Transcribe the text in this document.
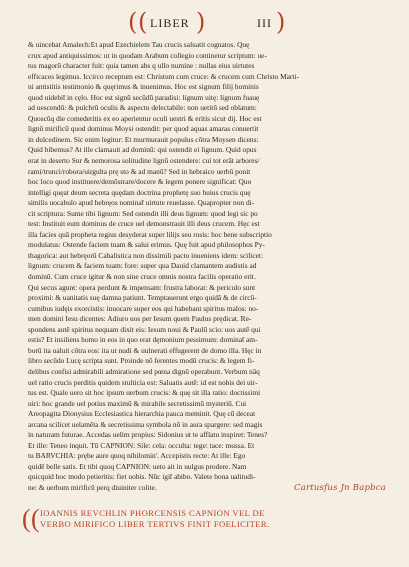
( ( LIBER )	III )

& uincebat Amalech:Et apud Ezechielem Tau crucis saluatit cognatos. Quę

crux apud antiquissimos: ut in quodam Arabum collegio continetur scriptum: ue-

tus magorū character fuit: quia tamen abs q ullo numine : nullas eius uirtutes

efficaces legimus. Iccirco receptum est: Christum cum cruce: & crucem cum Christo Marti-

ni antistitis testimonio & quęrimus & inuenimus. Hoc est signum filij hominis

quod uidebit̄ in cęlo. Hoc est signū secūdū paradisi: lignum uitę: lignum fuauę

ad uescendū: & pulchrū oculis & aspectu delectabile: non uetitū sed oblatum:

Quoscūq die comederitis ex eo aperientur oculi uestri & eritis sicut dij. Hoc est

lignū mirificū quod dominus Moysi ostendit: per quod aquas amaras conuertit

in dulcedinem. Sic enim legitur: Et murmurauit populus cōtra Moysen dicens:

Quid bibemus? At ille clamauit ad dominū: qui ostendit ei lignum. Quid opus

erat in deserto Sur & nemorosa solitudine lignū ostendere: cui tot erāt arbores/

rami/trunci/robora/uirgulta prę sto & ad manū? Sed in hebraico uerbū ponit

hoc loco quod instituere/demōstrare/docere & legem ponere significat: Quo

intelligi quęat deum secreta quędam doctrina prophetę suo huius crucis quę

similis uocabulo apud hebręos nominat̄ uirtute reuelasse. Quapropter non di-

cit scriptura: Sume tibi lignum: Sed ostendit illi deus lignum: quod legi sic po

test: Instituit eum dominus de cruce uel demonstrauit illi deus crucem. Hęc est

illa facies quā propheta regius desyderat super lilijs seu rosis: hoc bene subscriptio

modulatus: Ostende faciem tuam & salui erimus. Quę fuit apud philosophos Py-

thagorica: aut hebręorū Cabalistica non dissimili pacto inueniens idem: scilicet:

lignum: crucem & faciem tuam: fore: super qua Dauid clamantem audistis ad

dominū. Cum cruce igitur & non sine cruce omnis nostra facilis operatio erit.

Qui secus agunt: opera perdunt & impensam: frustra laborat: & periculo sunt

proximi: & uanitatis suę damna patiunt. Temptauerunt ergo quidā & de circū-

cumibus iudęis exorcistis: inuocare super eos qui habebant spiritus malos: no-

men domini Iesu dicentes: Adiuro uos per Iesum quem Paulus prędicat. Re-

spondens autē spiritus nequam dixit eis: Iesum noui & Paulū scio: uos autē qui

estis? Et insiliens homo in eos in quo erat dęmonium pessimum: dominat̄ am-

borū ita ualuit cōtra eos: ita ut nudi & uulnerati effugerent de domo illa. Hęc in

libro secūdo Lucę scripta sunt. Proinde nō ferentes modū crucis: & legem fi-

delibus confisi admirabili admiratione sed pœna dignū operabunt. Verbum nāq

uel ratio crucis perditis quidem stulticia est: Saluatis autē: id est nobis dei uir-

tus est. Quale uero sit hoc ipsum uerbum crucis: & quę sit illa ratio: doctissimi

uiri: hoc grande uel potius maximū & mirabile secretissimū mysteriū. Cui

Areopagita Dionysius Ecclesiastica hierarchia pauca meminit. Quę cū deceat

arcana scilicet uelamēta & secretissima symbola nō in aura spargere: sed magis

in naturam futurae. Accedas uelim propius: Sidonius ut te afflatu inspiret: Tenes?

Et ille: Teneo inquit. Tū CAPNION: Sile: cela: occulta: tege: tace: mussa. Et

tu BARVCHIA: prębe aure quoq nihilomin'. Accepistis recte: At ille: Ego

quidē belle satis. Et tibi quoq CAPNION: ueto ait in uulgus prodere. Nam

quicquid hoc modo petieritis: fiet uobis. Nūc igit̄ abibo. Valete bona ualitudi-

ne: & uerbum mirificū perq diuiniter colite.	Cartusfus Jn Bapbca
(( IOANNIS REVCHLIN PHORCENSIS CAPNION VEL DE
VERBO MIRIFICO LIBER TERTIVS FINIT FOELICITER.
